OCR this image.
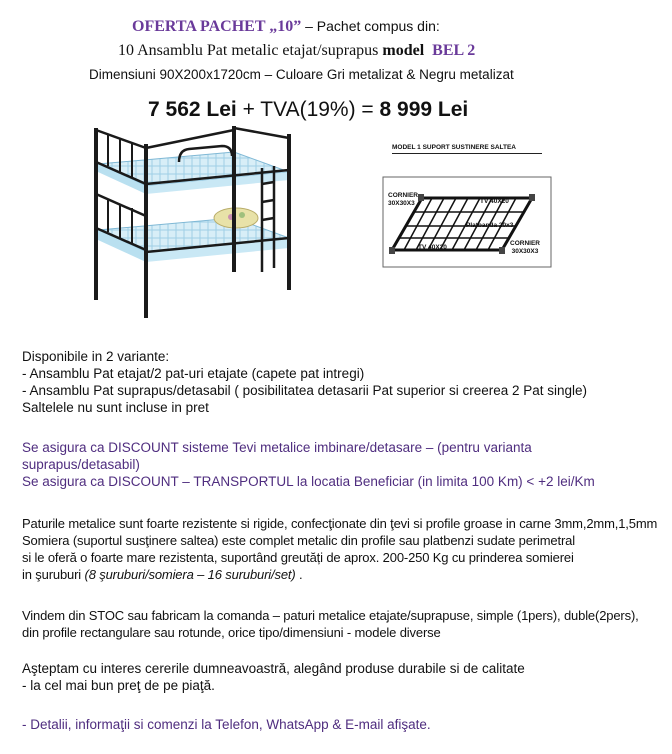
OFERTA PACHET „10” – Pachet compus din:
10 Ansamblu Pat metalic etajat/suprapus model BEL 2
Dimensiuni 90X200x1720cm – Culoare Gri metalizat & Negru metalizat
7 562 Lei + TVA(19%) = 8 999 Lei
MODEL 1 SUPORT SUSTINERE SALTEA
CORNIER
30X30X3	TV 40X20
Platbanda 20x3
TV 40X20
CORNIER
30X30X3
Disponibile in 2 variante:
- Ansamblu Pat etajat/2 pat-uri etajate (capete pat intregi)
- Ansamblu Pat suprapus/detasabil ( posibilitatea detasarii Pat superior si creerea 2 Pat single)
Saltelele nu sunt incluse in pret
Se asigura ca DISCOUNT sisteme Tevi metalice imbinare/detasare – (pentru varianta
suprapus/detasabil)
Se asigura ca DISCOUNT – TRANSPORTUL la locatia Beneficiar (in limita 100 Km) < +2 lei/Km
Paturile metalice sunt foarte rezistente si rigide, confecţionate din ţevi si profile groase in carne 3mm,2mm,1,5mm
Somiera (suportul susţinere saltea) este complet metalic din profile sau platbenzi sudate perimetral
si le oferă o foarte mare rezistenta, suportând greutăți de aprox. 200-250 Kg cu prinderea somierei
in şuruburi (8 şuruburi/somiera – 16 suruburi/set) .
Vindem din STOC sau fabricam la comanda – paturi metalice etajate/suprapuse, simple (1pers), duble(2pers),
din profile rectangulare sau rotunde, orice tipo/dimensiuni - modele diverse
Aşteptam cu interes cererile dumneavoastră, alegând produse durabile si de calitate
- la cel mai bun preţ de pe piaţă.
- Detalii, informaţii si comenzi la Telefon, WhatsApp & E-mail afişate.
